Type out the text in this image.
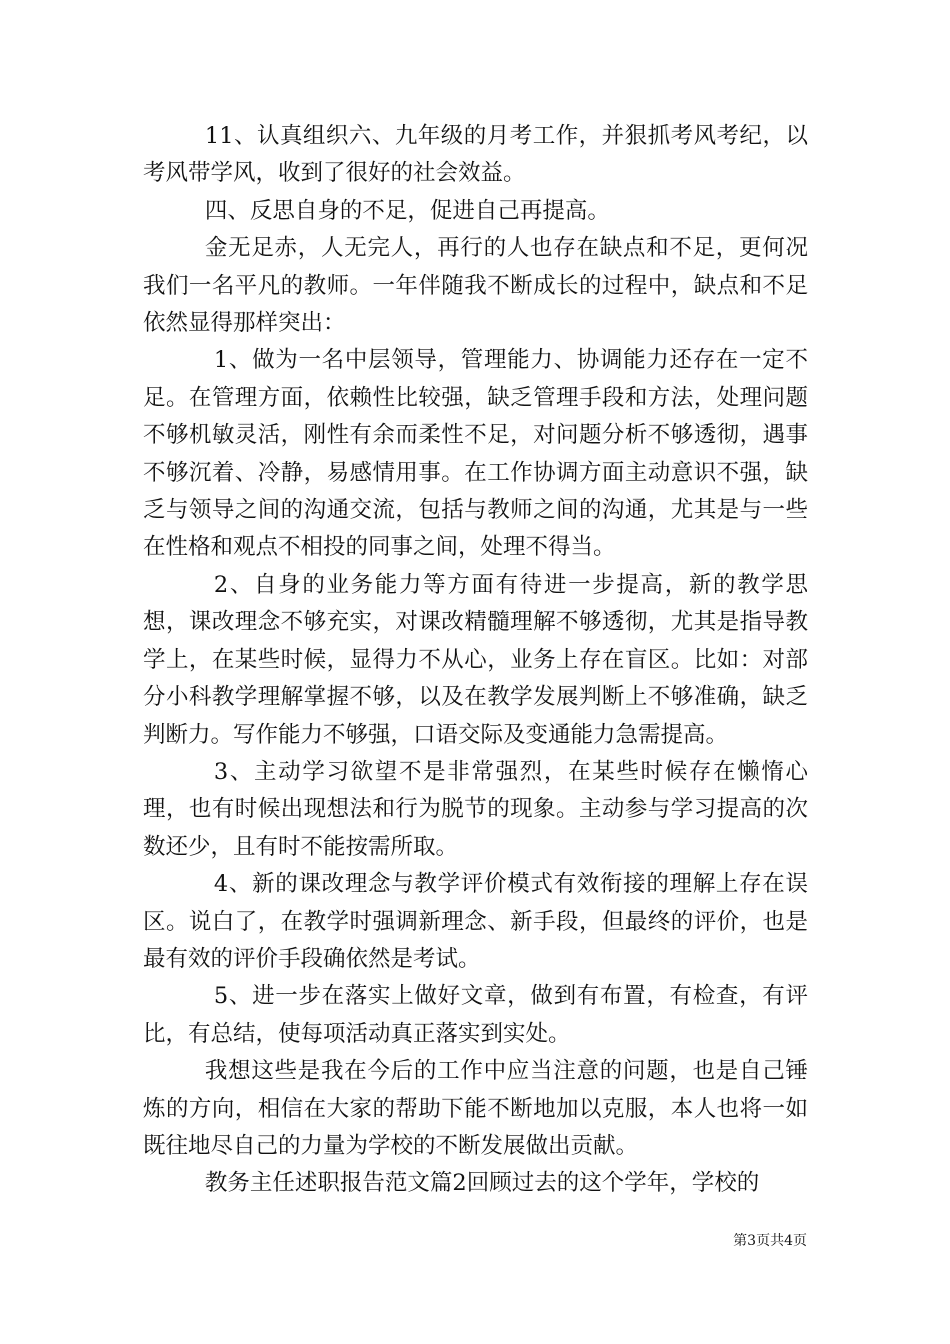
11、认真组织六、九年级的月考工作，并狠抓考风考纪，以考风带学风，收到了很好的社会效益。

四、反思自身的不足，促进自己再提高。

金无足赤，人无完人，再行的人也存在缺点和不足，更何况我们一名平凡的教师。一年伴随我不断成长的过程中，缺点和不足依然显得那样突出：

1、做为一名中层领导，管理能力、协调能力还存在一定不足。在管理方面，依赖性比较强，缺乏管理手段和方法，处理问题不够机敏灵活，刚性有余而柔性不足，对问题分析不够透彻，遇事不够沉着、冷静，易感情用事。在工作协调方面主动意识不强，缺乏与领导之间的沟通交流，包括与教师之间的沟通，尤其是与一些在性格和观点不相投的同事之间，处理不得当。

2、自身的业务能力等方面有待进一步提高，新的教学思想，课改理念不够充实，对课改精髓理解不够透彻，尤其是指导教学上，在某些时候，显得力不从心，业务上存在盲区。比如：对部分小科教学理解掌握不够，以及在教学发展判断上不够准确，缺乏判断力。写作能力不够强，口语交际及变通能力急需提高。

3、主动学习欲望不是非常强烈，在某些时候存在懒惰心理，也有时候出现想法和行为脱节的现象。主动参与学习提高的次数还少，且有时不能按需所取。

4、新的课改理念与教学评价模式有效衔接的理解上存在误区。说白了，在教学时强调新理念、新手段，但最终的评价，也是最有效的评价手段确依然是考试。

5、进一步在落实上做好文章，做到有布置，有检查，有评比，有总结，使每项活动真正落实到实处。

我想这些是我在今后的工作中应当注意的问题，也是自己锤炼的方向，相信在大家的帮助下能不断地加以克服，本人也将一如既往地尽自己的力量为学校的不断发展做出贡献。

教务主任述职报告范文篇2回顾过去的这个学年，学校的

第3页共4页
